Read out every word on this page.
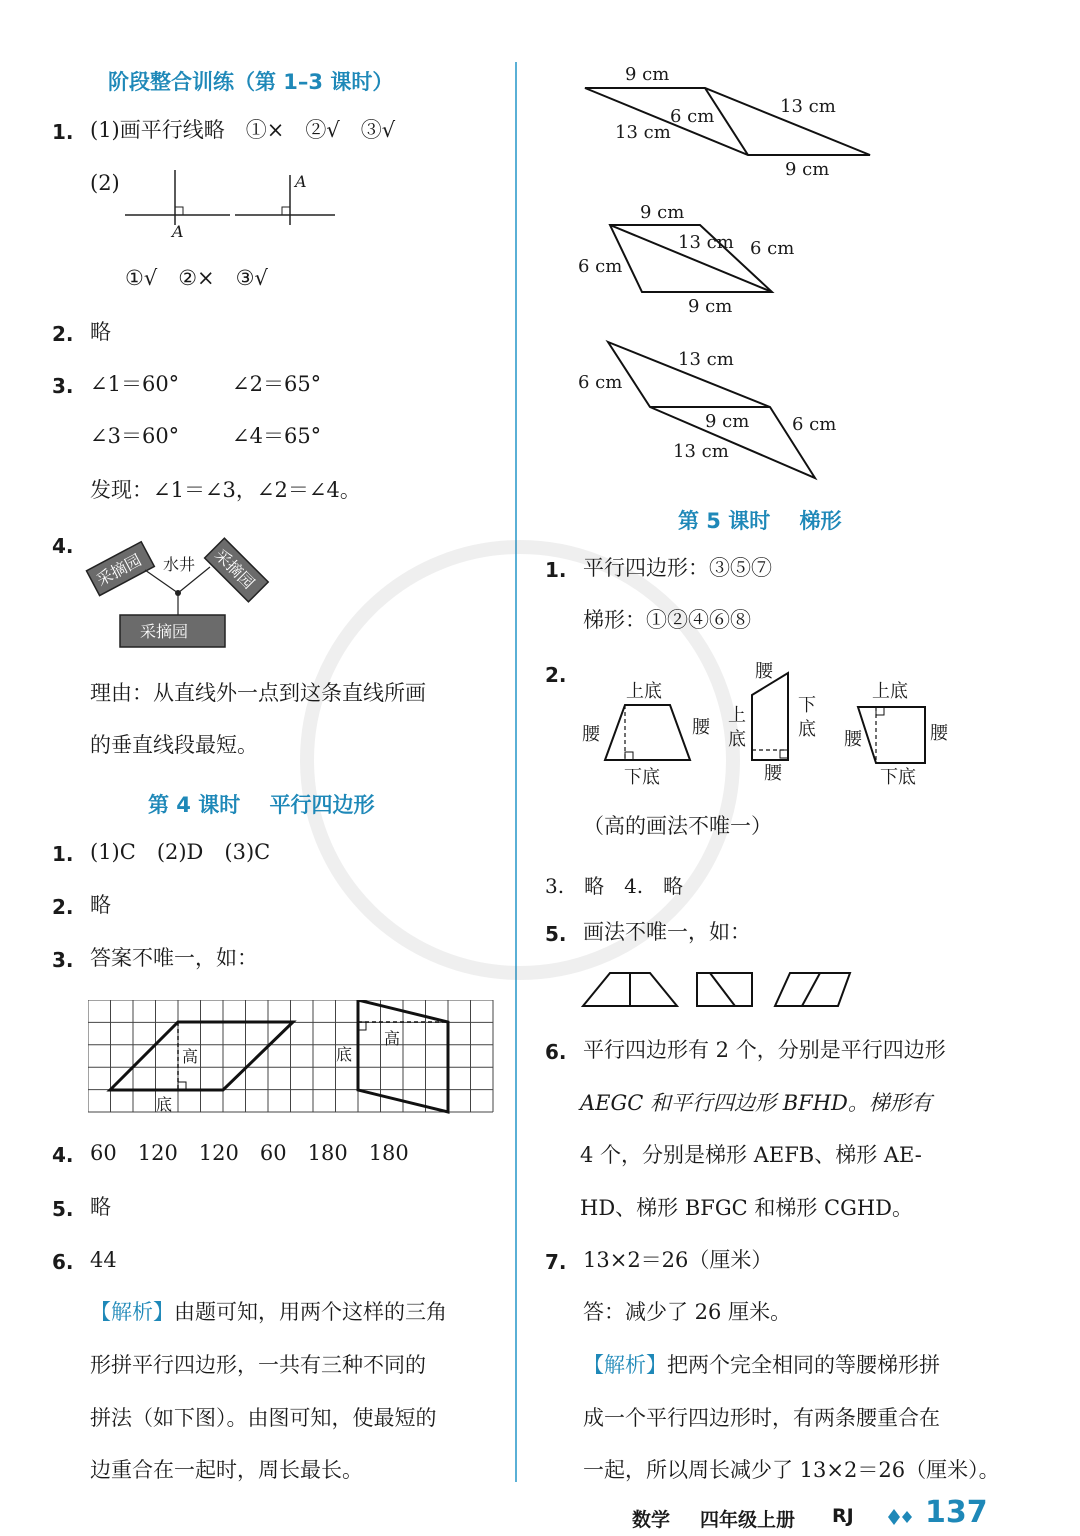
阶段整合训练（第 1–3 课时）
1. (1)画平行线略　①×　②√　③√
(2)
A
A
①√　②×　③√
2. 略
3. ∠1＝60°	∠2＝65°
∠3＝60°	∠4＝65°
发现：∠1＝∠3，∠2＝∠4。
4.
采摘园	采摘园
采摘园
水井
理由：从直线外一点到这条直线所画
的垂直线段最短。
第 4 课时 平行四边形
1. (1)C　(2)D　(3)C
2. 略
3. 答案不唯一，如：
高
底
高
底
4. 60　120　120　60　180　180
5. 略
6. 44
【解析】由题可知，用两个这样的三角
形拼平行四边形，一共有三种不同的
拼法（如下图）。由图可知，使最短的
边重合在一起时，周长最长。
9 cm
6 cm
13 cm
13 cm
9 cm
9 cm
13 cm 6 cm
6 cm
9 cm
13 cm
6 cm
9 cm 6 cm
13 cm
第 5 课时 梯形
1. 平行四边形：③⑤⑦
梯形：①②④⑥⑧
2.
上底
腰	腰
下底
腰
上
底
下
底
腰
上底
腰	腰
下底
（高的画法不唯一）
3.　略　4.　略
5. 画法不唯一，如：
6. 平行四边形有 2 个，分别是平行四边形
AEGC 和平行四边形 BFHD。梯形有
4 个，分别是梯形 AEFB、梯形 AE-
HD、梯形 BFGC 和梯形 CGHD。
7. 13×2＝26（厘米）
答：减少了 26 厘米。
【解析】把两个完全相同的等腰梯形拼
成一个平行四边形时，有两条腰重合在
一起，所以周长减少了 13×2＝26（厘米）。
数学 四年级上册 RJ 137
